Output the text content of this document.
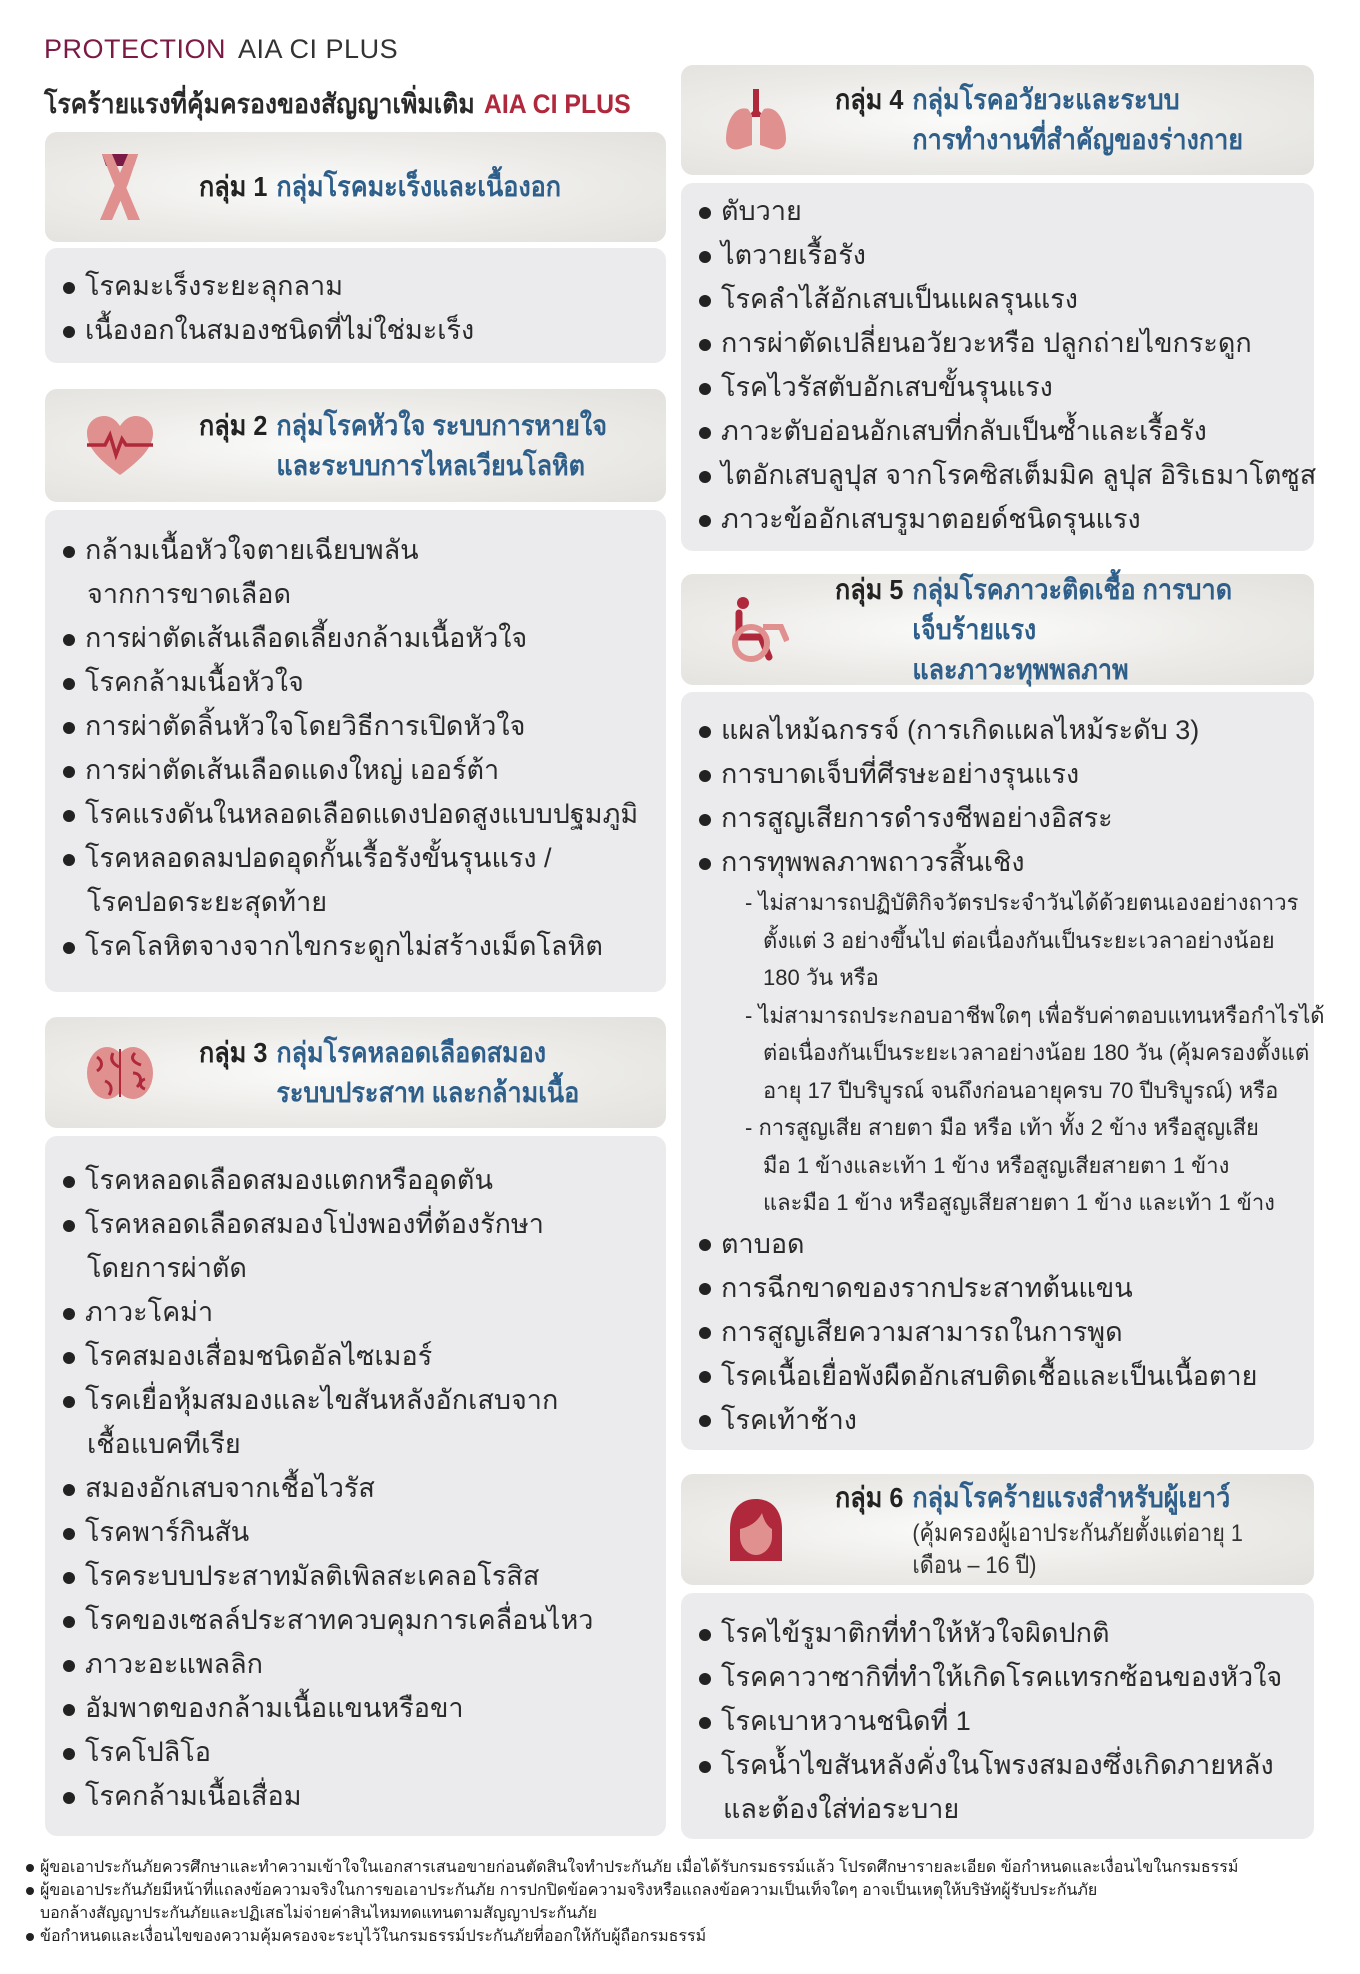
PROTECTION AIA CI PLUS
โรคร้ายแรงที่คุ้มครองของสัญญาเพิ่มเติม AIA CI PLUS
กลุ่ม 1 กลุ่มโรคมะเร็งและเนื้องอก
โรคมะเร็งระยะลุกลาม
เนื้องอกในสมองชนิดที่ไม่ใช่มะเร็ง
กลุ่ม 2 กลุ่มโรคหัวใจ ระบบการหายใจ
และระบบการไหลเวียนโลหิต
กล้ามเนื้อหัวใจตายเฉียบพลัน
จากการขาดเลือด
การผ่าตัดเส้นเลือดเลี้ยงกล้ามเนื้อหัวใจ
โรคกล้ามเนื้อหัวใจ
การผ่าตัดลิ้นหัวใจโดยวิธีการเปิดหัวใจ
การผ่าตัดเส้นเลือดแดงใหญ่ เออร์ต้า
โรคแรงดันในหลอดเลือดแดงปอดสูงแบบปฐมภูมิ
โรคหลอดลมปอดอุดกั้นเรื้อรังขั้นรุนแรง /
โรคปอดระยะสุดท้าย
โรคโลหิตจางจากไขกระดูกไม่สร้างเม็ดโลหิต
กลุ่ม 3 กลุ่มโรคหลอดเลือดสมอง
ระบบประสาท และกล้ามเนื้อ
โรคหลอดเลือดสมองแตกหรืออุดตัน
โรคหลอดเลือดสมองโป่งพองที่ต้องรักษา
โดยการผ่าตัด
ภาวะโคม่า
โรคสมองเสื่อมชนิดอัลไซเมอร์
โรคเยื่อหุ้มสมองและไขสันหลังอักเสบจาก
เชื้อแบคทีเรีย
สมองอักเสบจากเชื้อไวรัส
โรคพาร์กินสัน
โรคระบบประสาทมัลติเพิลสะเคลอโรสิส
โรคของเซลล์ประสาทควบคุมการเคลื่อนไหว
ภาวะอะแพลลิก
อัมพาตของกล้ามเนื้อแขนหรือขา
โรคโปลิโอ
โรคกล้ามเนื้อเสื่อม
กลุ่ม 4 กลุ่มโรคอวัยวะและระบบ
การทำงานที่สำคัญของร่างกาย
ตับวาย
ไตวายเรื้อรัง
โรคลำไส้อักเสบเป็นแผลรุนแรง
การผ่าตัดเปลี่ยนอวัยวะหรือ ปลูกถ่ายไขกระดูก
โรคไวรัสตับอักเสบขั้นรุนแรง
ภาวะตับอ่อนอักเสบที่กลับเป็นซ้ำและเรื้อรัง
ไตอักเสบลูปุส จากโรคซิสเต็มมิค ลูปุส อิริเธมาโตซูส
ภาวะข้ออักเสบรูมาตอยด์ชนิดรุนแรง
กลุ่ม 5 กลุ่มโรคภาวะติดเชื้อ การบาดเจ็บร้ายแรง
และภาวะทุพพลภาพ
แผลไหม้ฉกรรจ์ (การเกิดแผลไหม้ระดับ 3)
การบาดเจ็บที่ศีรษะอย่างรุนแรง
การสูญเสียการดำรงชีพอย่างอิสระ
การทุพพลภาพถาวรสิ้นเชิง
- ไม่สามารถปฏิบัติกิจวัตรประจำวันได้ด้วยตนเองอย่างถาวร
ตั้งแต่ 3 อย่างขึ้นไป ต่อเนื่องกันเป็นระยะเวลาอย่างน้อย
180 วัน หรือ
- ไม่สามารถประกอบอาชีพใดๆ เพื่อรับค่าตอบแทนหรือกำไรได้
ต่อเนื่องกันเป็นระยะเวลาอย่างน้อย 180 วัน (คุ้มครองตั้งแต่
อายุ 17 ปีบริบูรณ์ จนถึงก่อนอายุครบ 70 ปีบริบูรณ์) หรือ
- การสูญเสีย สายตา มือ หรือ เท้า ทั้ง 2 ข้าง หรือสูญเสีย
มือ 1 ข้างและเท้า 1 ข้าง หรือสูญเสียสายตา 1 ข้าง
และมือ 1 ข้าง หรือสูญเสียสายตา 1 ข้าง และเท้า 1 ข้าง
ตาบอด
การฉีกขาดของรากประสาทต้นแขน
การสูญเสียความสามารถในการพูด
โรคเนื้อเยื่อพังผืดอักเสบติดเชื้อและเป็นเนื้อตาย
โรคเท้าช้าง
กลุ่ม 6 กลุ่มโรคร้ายแรงสำหรับผู้เยาว์
(คุ้มครองผู้เอาประกันภัยตั้งแต่อายุ 1 เดือน – 16 ปี)
โรคไข้รูมาติกที่ทำให้หัวใจผิดปกติ
โรคคาวาซากิที่ทำให้เกิดโรคแทรกซ้อนของหัวใจ
โรคเบาหวานชนิดที่ 1
โรคน้ำไขสันหลังคั่งในโพรงสมองซึ่งเกิดภายหลัง
และต้องใส่ท่อระบาย
ผู้ขอเอาประกันภัยควรศึกษาและทำความเข้าใจในเอกสารเสนอขายก่อนตัดสินใจทำประกันภัย เมื่อได้รับกรมธรรม์แล้ว โปรดศึกษารายละเอียด ข้อกำหนดและเงื่อนไขในกรมธรรม์
ผู้ขอเอาประกันภัยมีหน้าที่แถลงข้อความจริงในการขอเอาประกันภัย การปกปิดข้อความจริงหรือแถลงข้อความเป็นเท็จใดๆ อาจเป็นเหตุให้บริษัทผู้รับประกันภัย
บอกล้างสัญญาประกันภัยและปฏิเสธไม่จ่ายค่าสินไหมทดแทนตามสัญญาประกันภัย
ข้อกำหนดและเงื่อนไขของความคุ้มครองจะระบุไว้ในกรมธรรม์ประกันภัยที่ออกให้กับผู้ถือกรมธรรม์
